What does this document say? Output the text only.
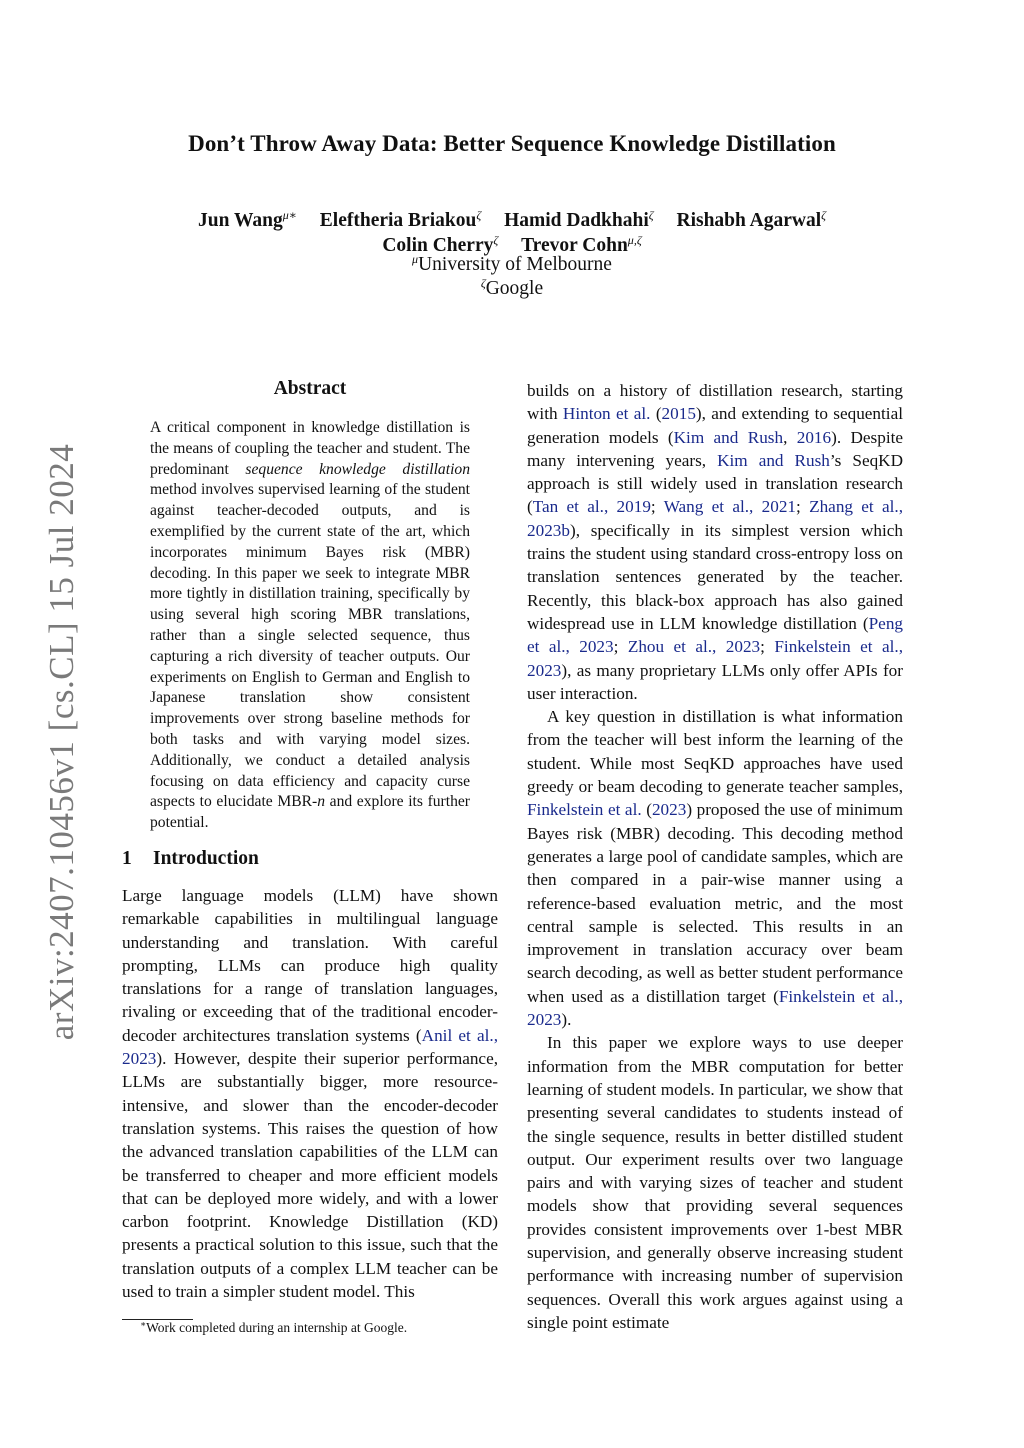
Don’t Throw Away Data: Better Sequence Knowledge Distillation
Jun Wang$^{\mu∗}$ Eleftheria Briakou$^\zeta$ Hamid Dadkhahi$^\zeta$ Rishabh Agarwal$^\zeta$
Colin Cherry$^\zeta$ Trevor Cohn$^{\mu,\zeta}$
$^\mu$University of Melbourne
$^\zeta$Google
arXiv:2407.10456v1 [cs.CL] 15 Jul 2024
Abstract
A critical component in knowledge distillation is the means of coupling the teacher and student. The predominant sequence knowledge distillation method involves supervised learning of the student against teacher-decoded outputs, and is exemplified by the current state of the art, which incorporates minimum Bayes risk (MBR) decoding. In this paper we seek to integrate MBR more tightly in distillation training, specifically by using several high scoring MBR translations, rather than a single selected sequence, thus capturing a rich diversity of teacher outputs. Our experiments on English to German and English to Japanese translation show consistent improvements over strong baseline methods for both tasks and with varying model sizes. Additionally, we conduct a detailed analysis focusing on data efficiency and capacity curse aspects to elucidate MBR-n and explore its further potential.
1 Introduction

Large language models (LLM) have shown remarkable capabilities in multilingual language understanding and translation. With careful prompting, LLMs can produce high quality translations for a range of translation languages, rivaling or exceeding that of the traditional encoder-decoder architectures translation systems (Anil et al., 2023). However, despite their superior performance, LLMs are substantially bigger, more resource-intensive, and slower than the encoder-decoder translation systems. This raises the question of how the advanced translation capabilities of the LLM can be transferred to cheaper and more efficient models that can be deployed more widely, and with a lower carbon footprint. Knowledge Distillation (KD) presents a practical solution to this issue, such that the translation outputs of a complex LLM teacher can be used to train a simpler student model. This

builds on a history of distillation research, starting with Hinton et al. (2015), and extending to sequential generation models (Kim and Rush, 2016). Despite many intervening years, Kim and Rush’s SeqKD approach is still widely used in translation research (Tan et al., 2019; Wang et al., 2021; Zhang et al., 2023b), specifically in its simplest version which trains the student using standard cross-entropy loss on translation sentences generated by the teacher. Recently, this black-box approach has also gained widespread use in LLM knowledge distillation (Peng et al., 2023; Zhou et al., 2023; Finkelstein et al., 2023), as many proprietary LLMs only offer APIs for user interaction.

A key question in distillation is what information from the teacher will best inform the learning of the student. While most SeqKD approaches have used greedy or beam decoding to generate teacher samples, Finkelstein et al. (2023) proposed the use of minimum Bayes risk (MBR) decoding. This decoding method generates a large pool of candidate samples, which are then compared in a pair-wise manner using a reference-based evaluation metric, and the most central sample is selected. This results in an improvement in translation accuracy over beam search decoding, as well as better student performance when used as a distillation target (Finkelstein et al., 2023).

In this paper we explore ways to use deeper information from the MBR computation for better learning of student models. In particular, we show that presenting several candidates to students instead of the single sequence, results in better distilled student output. Our experiment results over two language pairs and with varying sizes of teacher and student models show that providing several sequences provides consistent improvements over 1-best MBR supervision, and generally observe increasing student performance with increasing number of supervision sequences. Overall this work argues against using a single point estimate

∗Work completed during an internship at Google.
